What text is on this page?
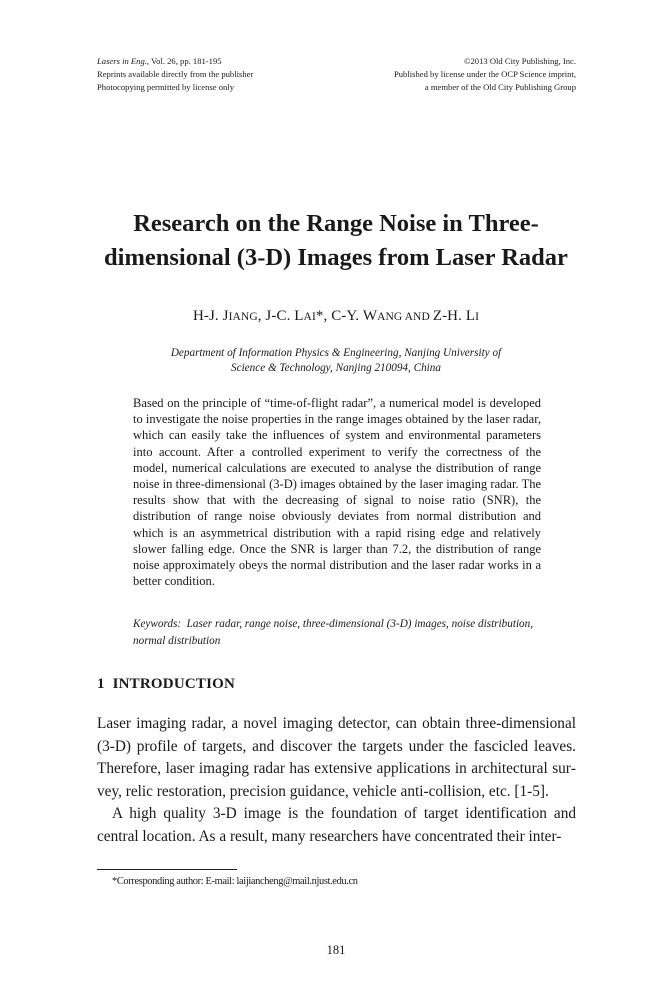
Lasers in Eng., Vol. 26, pp. 181-195
Reprints available directly from the publisher
Photocopying permitted by license only
©2013 Old City Publishing, Inc.
Published by license under the OCP Science imprint,
a member of the Old City Publishing Group
Research on the Range Noise in Three-
dimensional (3-D) Images from Laser Radar
H-J. JIANG, J-C. LAI*, C-Y. WANG AND Z-H. LI
Department of Information Physics & Engineering, Nanjing University of
Science & Technology, Nanjing 210094, China

Based on the principle of “time-of-flight radar”, a numerical model is developed to investigate the noise properties in the range images obtained by the laser radar, which can easily take the influences of system and environmental parameters into account. After a controlled experiment to verify the correctness of the model, numerical calculations are executed to analyse the distribution of range noise in three-dimensional (3-D) images obtained by the laser imaging radar. The results show that with the decreasing of signal to noise ratio (SNR), the distribution of range noise obviously deviates from normal distribution and which is an asymmetrical distribution with a rapid rising edge and relatively slower falling edge. Once the SNR is larger than 7.2, the distribution of range noise approximately obeys the normal distribution and the laser radar works in a better condition.

Keywords: Laser radar, range noise, three-dimensional (3-D) images, noise distribution, normal distribution
1 INTRODUCTION

Laser imaging radar, a novel imaging detector, can obtain three-dimensional (3-D) profile of targets, and discover the targets under the fascicled leaves. Therefore, laser imaging radar has extensive applications in architectural survey, relic restoration, precision guidance, vehicle anti-collision, etc. [1-5].

A high quality 3-D image is the foundation of target identification and central location. As a result, many researchers have concentrated their inter-

*Corresponding author: E-mail: laijiancheng@mail.njust.edu.cn
181
